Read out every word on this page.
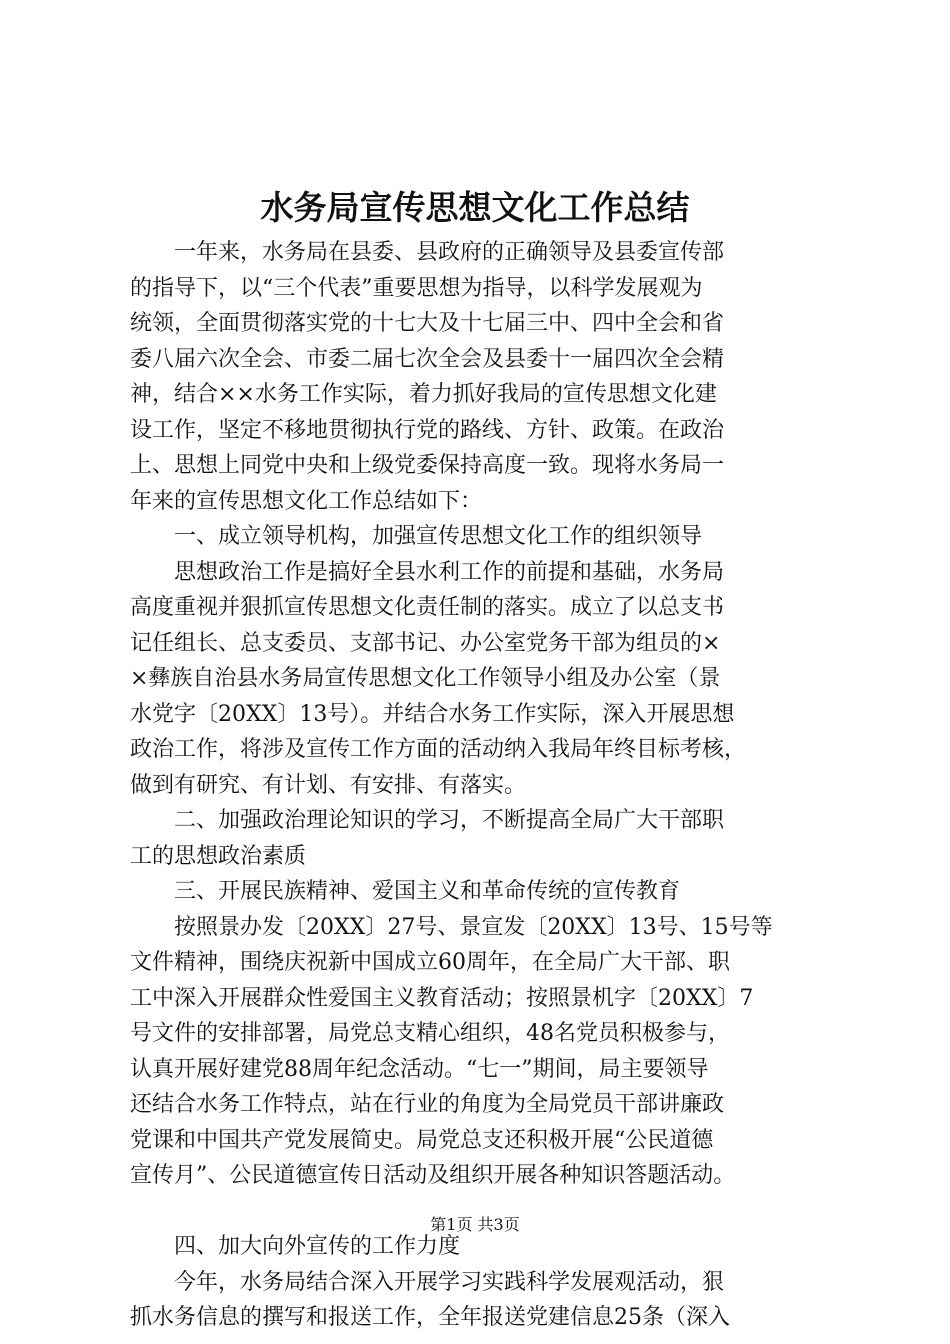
水务局宣传思想文化工作总结
　　一年来，水务局在县委、县政府的正确领导及县委宣传部
的指导下，以“三个代表”重要思想为指导，以科学发展观为
统领，全面贯彻落实党的十七大及十七届三中、四中全会和省
委八届六次全会、市委二届七次全会及县委十一届四次全会精
神，结合××水务工作实际，着力抓好我局的宣传思想文化建
设工作，坚定不移地贯彻执行党的路线、方针、政策。在政治
上、思想上同党中央和上级党委保持高度一致。现将水务局一
年来的宣传思想文化工作总结如下：
　　一、成立领导机构，加强宣传思想文化工作的组织领导
　　思想政治工作是搞好全县水利工作的前提和基础，水务局
高度重视并狠抓宣传思想文化责任制的落实。成立了以总支书
记任组长、总支委员、支部书记、办公室党务干部为组员的×
×彝族自治县水务局宣传思想文化工作领导小组及办公室（景
水党字〔20XX〕13号）。并结合水务工作实际，深入开展思想
政治工作，将涉及宣传工作方面的活动纳入我局年终目标考核，
做到有研究、有计划、有安排、有落实。
　　二、加强政治理论知识的学习，不断提高全局广大干部职
工的思想政治素质
　　三、开展民族精神、爱国主义和革命传统的宣传教育
　　按照景办发〔20XX〕27号、景宣发〔20XX〕13号、15号等
文件精神，围绕庆祝新中国成立60周年，在全局广大干部、职
工中深入开展群众性爱国主义教育活动；按照景机字〔20XX〕7
号文件的安排部署，局党总支精心组织，48名党员积极参与，
认真开展好建党88周年纪念活动。“七一”期间，局主要领导
还结合水务工作特点，站在行业的角度为全局党员干部讲廉政
党课和中国共产党发展简史。局党总支还积极开展“公民道德
宣传月”、公民道德宣传日活动及组织开展各种知识答题活动。
　　四、加大向外宣传的工作力度
　　今年，水务局结合深入开展学习实践科学发展观活动，狠
抓水务信息的撰写和报送工作，全年报送党建信息25条（深入
第1页 共3页
